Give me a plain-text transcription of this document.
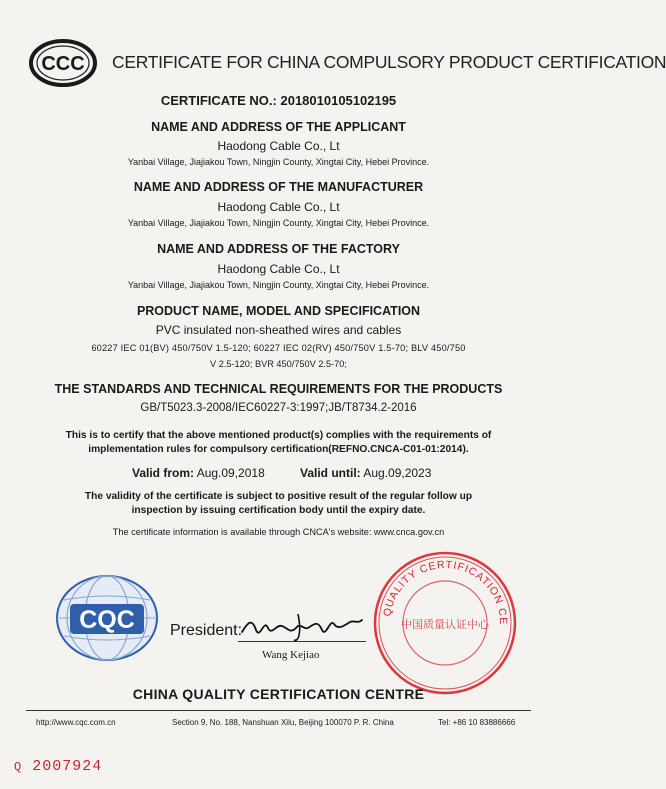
CCC CERTIFICATE FOR CHINA COMPULSORY PRODUCT CERTIFICATION
CERTIFICATE NO.: 2018010105102195
NAME AND ADDRESS OF THE APPLICANT
Haodong Cable Co., Lt
Yanbai Village, Jiajiakou Town, Ningjin County, Xingtai City, Hebei Province.
NAME AND ADDRESS OF THE MANUFACTURER
Haodong Cable Co., Lt
Yanbai Village, Jiajiakou Town, Ningjin County, Xingtai City, Hebei Province.
NAME AND ADDRESS OF THE FACTORY
Haodong Cable Co., Lt
Yanbai Village, Jiajiakou Town, Ningjin County, Xingtai City, Hebei Province.
PRODUCT NAME, MODEL AND SPECIFICATION
PVC insulated non-sheathed wires and cables
60227 IEC 01(BV) 450/750V 1.5-120; 60227 IEC 02(RV) 450/750V 1.5-70; BLV 450/750
V 2.5-120; BVR 450/750V 2.5-70;
THE STANDARDS AND TECHNICAL REQUIREMENTS FOR THE PRODUCTS
GB/T5023.3-2008/IEC60227-3:1997;JB/T8734.2-2016
This is to certify that the above mentioned product(s) complies with the requirements of
implementation rules for compulsory certification(REFNO.CNCA-C01-01:2014).
Valid from: Aug.09,2018	Valid until: Aug.09,2023
The validity of the certificate is subject to positive result of the regular follow up
inspection by issuing certification body until the expiry date.
The certificate information is available through CNCA's website: www.cnca.gov.cn
CQC President:
Wang Kejiao
QUALITY CERTIFICATION CE
中国质量认证中心
CHINA QUALITY CERTIFICATION CENTRE
http://www.cqc.com.cn	Section 9, No. 188, Nanshuan Xilu, Beijing 100070 P. R. China	Tel: +86 10 83886666
Q 2007924
